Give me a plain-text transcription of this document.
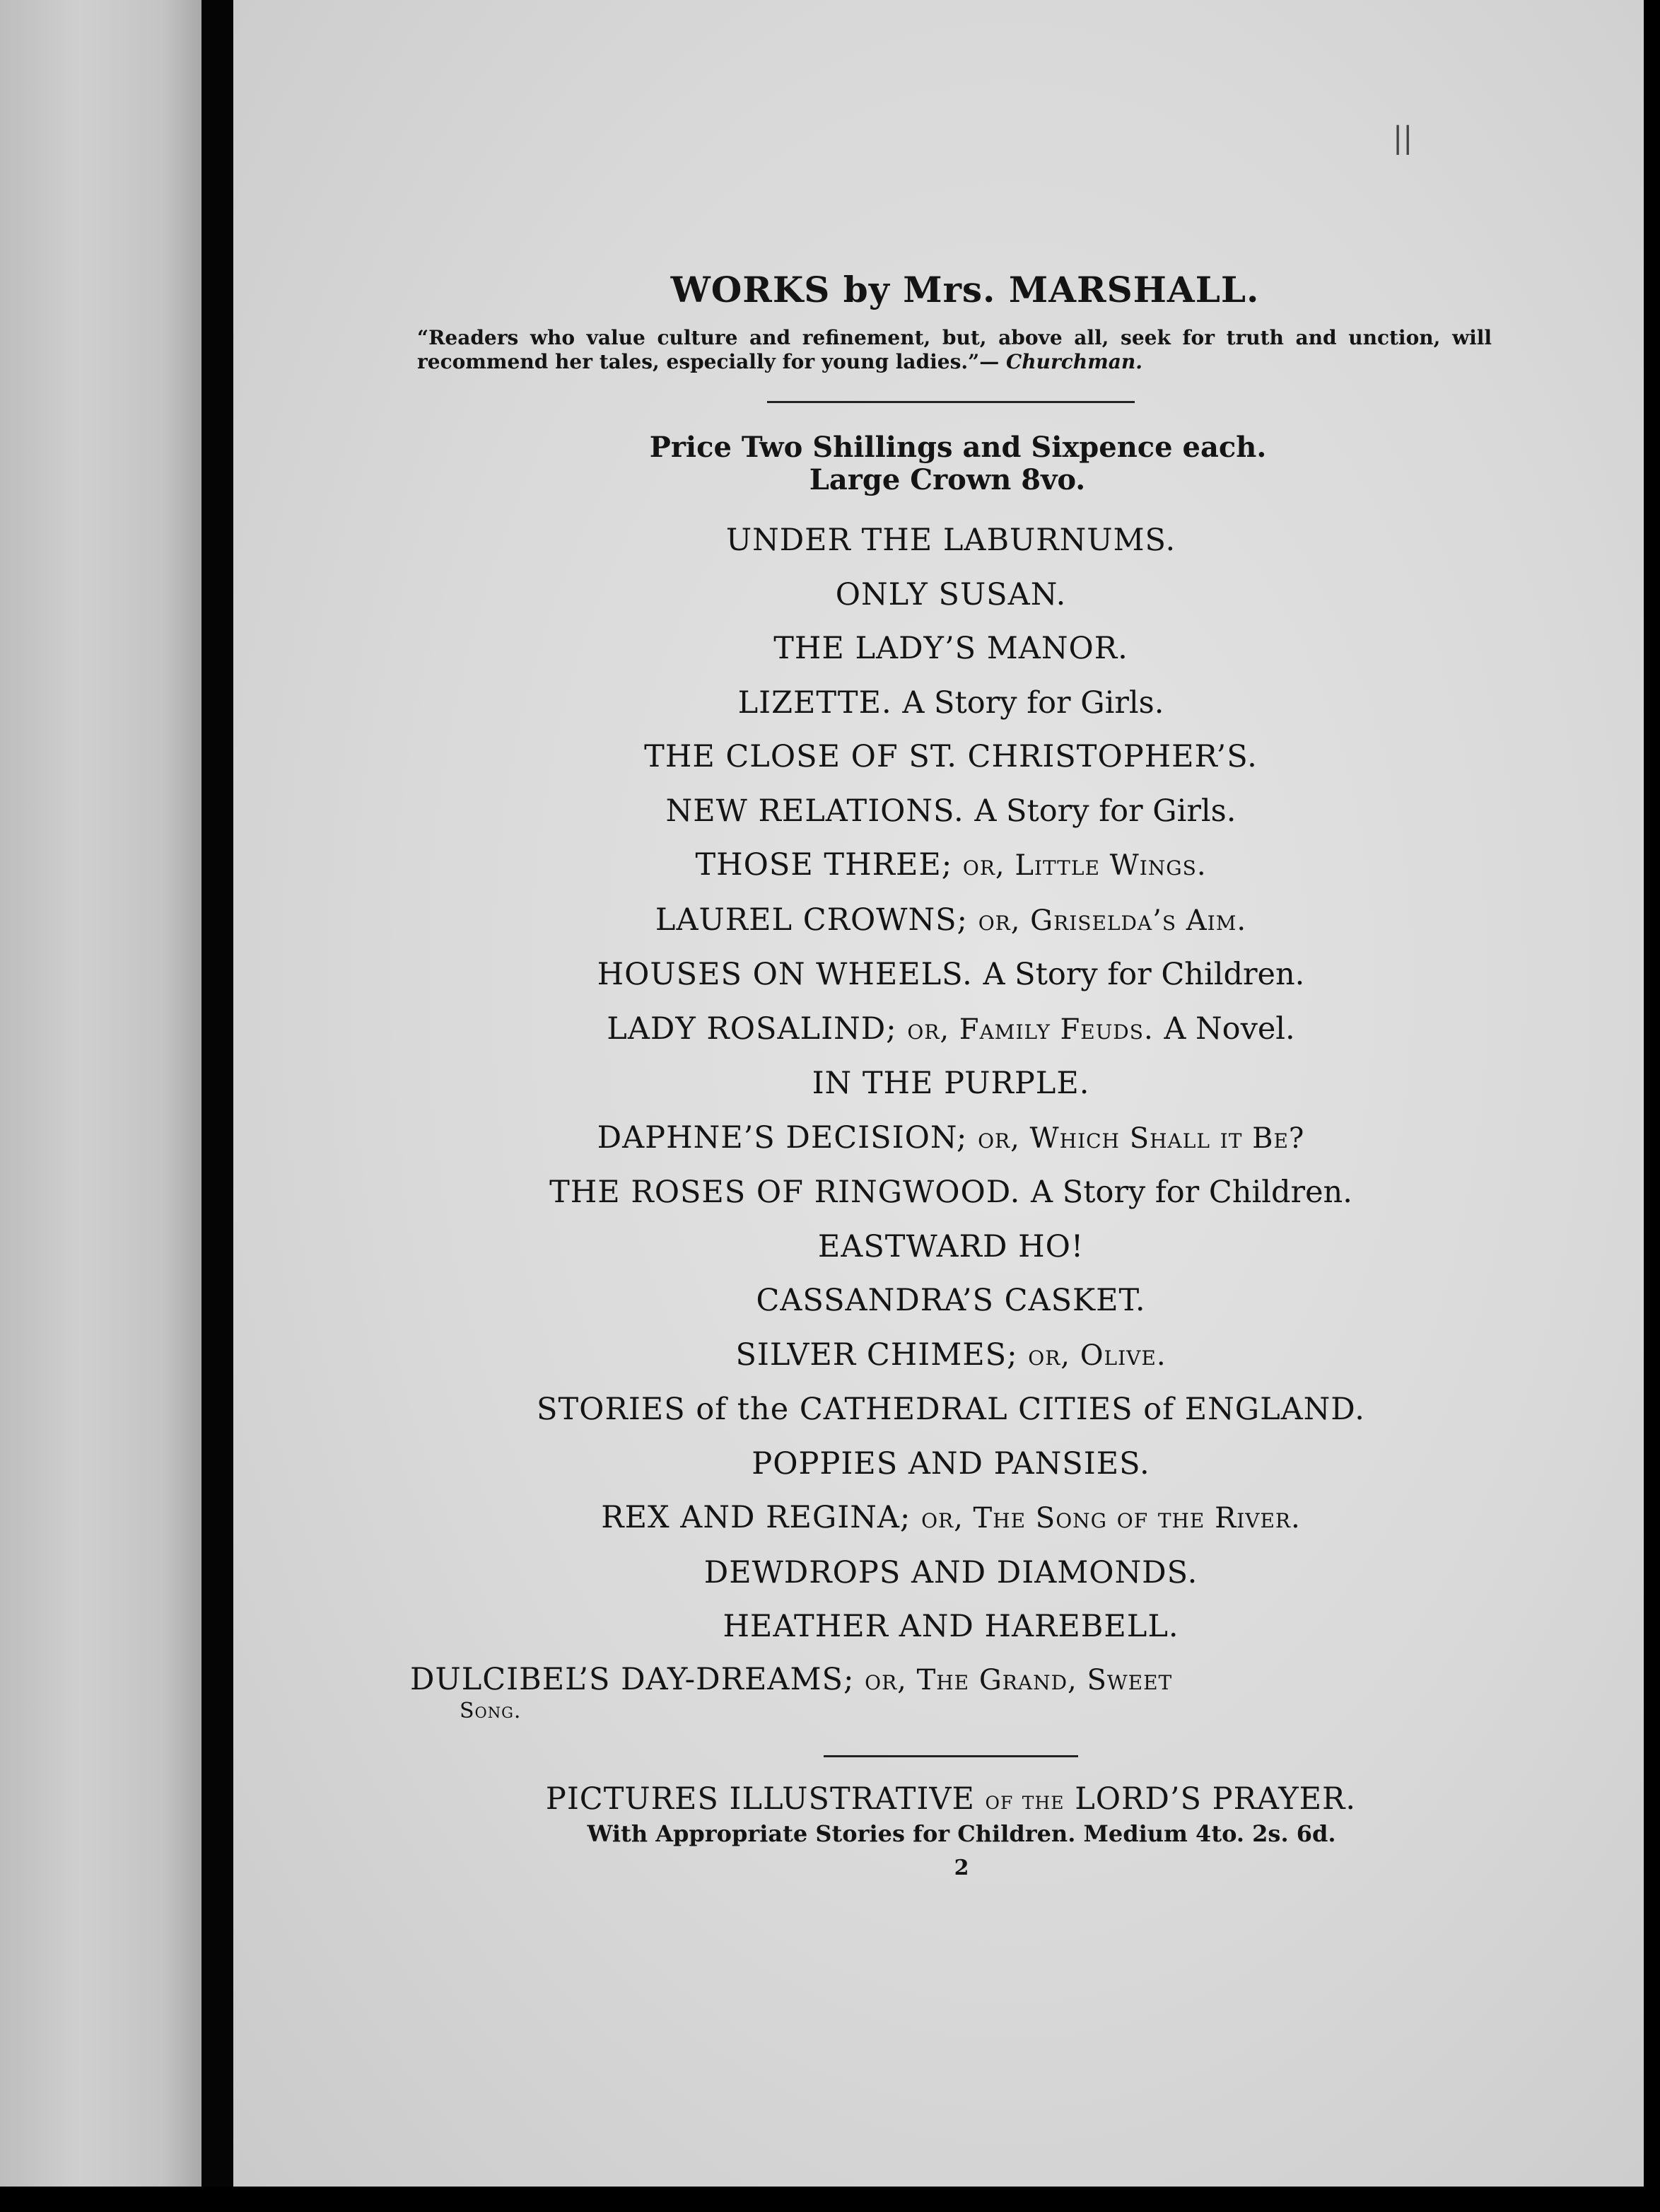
||
WORKS by Mrs. MARSHALL.
“Readers who value culture and refinement, but, above all, seek for truth and unction, will recommend her tales, especially for young ladies.”— Churchman.
Price Two Shillings and Sixpence each.
Large Crown 8vo.
UNDER THE LABURNUMS.
ONLY SUSAN.
THE LADY’S MANOR.
LIZETTE. A Story for Girls.
THE CLOSE OF ST. CHRISTOPHER’S.
NEW RELATIONS. A Story for Girls.
THOSE THREE; or, Little Wings.
LAUREL CROWNS; or, Griselda’s Aim.
HOUSES ON WHEELS. A Story for Children.
LADY ROSALIND; or, Family Feuds. A Novel.
IN THE PURPLE.
DAPHNE’S DECISION; or, Which Shall it Be?
THE ROSES OF RINGWOOD. A Story for Children.
EASTWARD HO!
CASSANDRA’S CASKET.
SILVER CHIMES; or, Olive.
STORIES of the CATHEDRAL CITIES of ENGLAND.
POPPIES AND PANSIES.
REX AND REGINA; or, The Song of the River.
DEWDROPS AND DIAMONDS.
HEATHER AND HAREBELL.
DULCIBEL’S DAY-DREAMS; or, The Grand, Sweet
Song.
PICTURES ILLUSTRATIVE of the LORD’S PRAYER.
With Appropriate Stories for Children. Medium 4to. 2s. 6d.
2
